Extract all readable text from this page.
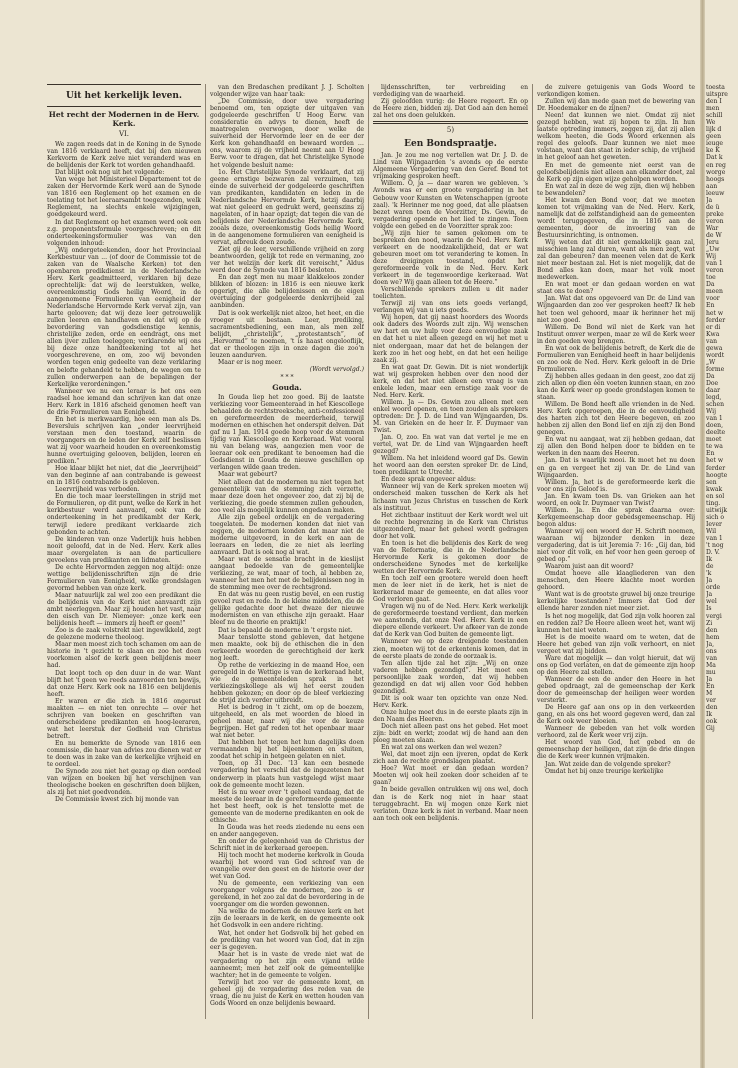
Uit het kerkelijk leven.
Het recht der Modernen in de Herv. Kerk.
VI.

We zagen reeds dat in de Koning in de Synode van 1816 verklaard heeft, dat bij den nieuwen Kerkvorm de Kerk zelve niet veranderd was en de belijdenis der Kerk tot worden gehandhaafd.

Dat blijkt ook nog uit het volgende:

Van wege het Ministerieel Departement tot de zaken der Hervormde Kerk werd aan de Synode van 1816 een Reglement op het examen en de toelating tot het leeraarsambt toegezonden, welk Reglement, na slechts enkele wijzigingen, goedgekeurd werd.

In dat Reglement op het examen werd ook een z.g. proponentsformule voorgeschreven; en dit onderteekeningsformulier was van den volgenden inhoud:

„Wij ondergeteekenden, door het Provinciaal Kerkbestuur van ... (of door de Commissie tot de zaken van de Waalsche Kerken) tot den openbaren predikdienst in de Nederlandsche Herv. Kerk geadmitteerd, verklaren bij deze oprechtelijk: dat wij de leerstukken, welke, overeenkomstig Gods heilig Woord, in de aangenomene Formulieren van eenigheid der Nederlandsche Hervormde Kerk vervat zijn, van harte gelooven; dat wij deze leer getrouwelijk zullen leeren en handhaven en dat wij op de bevordering van godsdienstige kennis, christelijke zeden, orde en eendragt, ons met allen ijver zullen toeleggen; verklarende wij ons bij deze onze handteekening tot al het voorgeschrevene, en om, zoo wij bevonden worden tegen enig gedeelte van deze verklaring en belofte gehandeld te hebben, de wegen om te zullen onderwerpen aan de bepalingen der Kerkelijke verordeningen.”

Wanneer we nu een leraar is het ons een raadsel hoe iemand dan schrijven kan dat onze Herv. Kerk in 1816 afscheid genomen heeft van de drie Formulieren van Eenigheid.

En het is merkwaardig, hoe een man als Ds. Beversluis schrijven kan „onder leervrijheid verstaan men den toestand, waarin de voorgangers en de leden der Kerk zelf beslissen wat zij voor waarheid houden en overeenkomstig hunne overtuiging gelooven, belijden, leeren en prediken.”

Hoe klaar blijkt het niet, dat die „leervrijheid” van den beginne af aan contrabande is geweest en in 1816 contrabande is gebleven.

Leervrijheid was verboden.

En die toch maar leerstellingen in strijd met de Formulieren, op dit punt, welke de Kerk in het kerkbestuur werd aanvaard, ook van de onderteekening in het predikambt der Kerk, terwijl iedere predikant verklaarde zich gebonden te achten.

De kinderen van onze Vaderlijk huis hebben nooit geloofd, dat in de Ned. Herv. Kerk alles maar overgelaten is aan de particuliere gevoelens van predikanten en lidmaten.

De echte Hervormden zeggen nog altijd: onze wettige belijdenisschriften zijn de drie Formulieren van Eenigheid, welke grondslagen gevormd hebben van onze kerk.

Maar natuurlijk zal wel zoo een predikant die de belijdenis van de Kerk niet aanvaardt zijn ambt neerleggen. Maar zij houden het vast, naar den eisch van Dr. Niemeyer: „onze kerk een belijdenis heeft — immers zij heeft er geen!”

Zoo is de zaak volstrekt niet ingewikkeld, zegt de gelezene moderne theoloog.

Maar men moest zich toch schamen om aan de historie in 't gezicht te slaan en zoo het doen voorkomen alsof de kerk geen belijdenis meer had.

Dat loopt toch op den duur in de war. Want blijft het 't geen we reeds aanvoerden ten bewijs, dat onze Herv. Kerk ook na 1816 een belijdenis heeft.

Er waren er die zich in 1816 ongerust maakten — en niet ten onrechte — over het schrijven van boeken en geschriften van onderscheidene predikanten en hoog-leeraren, wat het leerstuk der Godheid van Christus betreft.

En nu bemerkte de Synode van 1816 een commissie, die haar van advies zou dienen wat er te doen was in zake van de kerkelijke vrijheid en te oordeel.

De Synode zou niet het gezag op dien oordeel van wijzen en boeken bij het verschijnen van theologische boeken en geschriften doen blijken, als zij het niet goedvonden.

De Commissie kwest zich bij monde van

van den Bredaschen predikant J. J. Scholten volgender wijze van haar taak:

„De Commissie, door uwe vergadering benoemd om, ten opzigte der uitgaven van godgeleerde geschriften U Hoog Eerw. van consideratie en advys te dienen, heeft de maatregelen overwogen, door welke de suiverheid der Hervormde leer en de eer der Kerk kon gehandhaafd en bewaard worden … ons, waarom zij de vrijheid neemt aan U Hoog Eerw. voor te dragen, dat het Christelijke Synode het volgende besluit name:

1o. Het Christelijke Synode verklaart, dat zij geene ernstige bezwaren zal verzuimen, ten einde de suiverheid der godgeleerde geschriften van predikanten, kandidaten en leden in de Nederlandsche Hervormde Kerk, hetzij daarbij wat niet geleerd en gedrukt werd, geenszins zij nagelaten, of in haar opzigt; dat tegen die van de belijdenis der Nederlandsche Hervormde Kerk, zooals deze, overeenkomstig Gods heilig Woord in de aangenomene formulieren van eenigheid is vervat, afbreuk doen zoude.

Ziet gij de leer, verschillende vrijheid en zorg beantwoorden, gelijk tot rede en vermaning, zoo ver het welzijn der kerk dit vereischt,” Aldus werd door de Synode van 1816 besloten.

En dan zegt men nu maar klakkeloos zonder blikken of blozen: in 1816 is een nieuwe kerk opgerigt, die alle belijdenissen en de eigen overtuiging der godgeleerde denkvrijheid zal aanbinden.

Dat is ook werkelijk niet alzoo, het heet, en die vroeger uit bestaan. Leer, prediking, sacramentsbediening, een man, als men zelf belijdt, „christelijk”, „protestantsch”, of „Hervormd” te noemen, 't is haast ongelooflijk, dat er theologen zijn in onze dagen die zoo'n leuzen aandurven.

Maar er is nog meer.

(Wordt vervolgd.)

* * *

Gouda.

In Gouda liep het zoo goed. Bij de laatste verkiezing voor Gemeenteraad in het Kiescollege behaalden de rechtstreeksche, anti-confessioneel en gereformeerden de meerderheid, terwijl modernen en ethischen het onderspit delven. Dat gaf nu 1 Jan. 1914 goede hoop voor de stemmen tijdig van Kiescollege en Kerkeraad. Wat vooral nu van belang was, aangezien men voor de leeraar ook een predikant te benoemen had die Godsdienst in Gouda de nieuwe geschillen op verlangen wilde gaan treden.

Maar wat gebeurt?

Niet alleen dat de modernen nu niet tegen het gemeentelijk van de stemming zich verzette, maar deze doen het ongeveer zoo, dat zij bij de verkiezing, die goede stemmen zullen gehouden, zoo veel als mogelijk kunnen ongedaan maken.

Alle zijn gebeel ordelijk en de vergadering toegelaten. De modernen konden dat niet van zeggen, de modernen konden dat maar niet de moderne uitgevoerd, in de kerk en aan de leeraars en leden, die ze niet als leerling aanvaard. Dat is ook nog al wat.

Maar wat de sensatie bracht in de kieslijst aangaat bedoelde van de gemeentelijke verkiezing, ze wat, maar of toch, al hebben ze, wanneer het men het met de belijdenissen nog in de stemming mee over de rechtsgrond.

En dat was nu geen rustig bevel, en een rustig gevoel rust en rede. In de kleine middelen, die de gelijke gedachte door het dwaze der nieuwe modernisten en van ethische zijn geraakt. Haar bleef nu de theorie en praktijk!

Dat is bepaald de moderne in 't ergste niet.

Maar tenslotte stond gebleven, dat hetgene men maakte, ook bij de ethischen die in den verkeerde woorden de gerechtigheid der kerk nog leeft.

Op rethe de verkiezing in de maand Hoe, een geregeld in de Wettige is van de kerkeraad hebt, wie de gemeenteleden sprak in het verkiezingskollege als wij het eerst zouden hebben gekozen; en door op de bleef verkiezing de strijd zich verder uitbreidt.

Het is bedrog in 't zicht, om op de boezem, uitgeheeld, en als met woorden de bloed in geheel maar, naar wij die voor de keuze begrijpen. Het gaf reden tot het openbaar maar wat niet beter.

Dat hebben het tegen het hun dagelijks doen vermaanden bij het bijeenkomen en sluiten, zoodat het schip in hetgeen gelaten en niet.

Toen, op 31 Dec. '13 kan een besnede vergadering het verschil dat de ingezetenen het onderwerp in plaats hun vastgelegd wijst maar ook de gemeente mocht lezen.

Het is nu weer over 't geheel vandaag, dat de meeste de leeraar in de gereformeerde gemeente het best heeft, ook is het tenslotte met de gemeente van de moderne predikanten en ook de ethische.

In Gouda was het reeds ziedende nu eens een en ander aangegeven.

En onder de gelegenheid van de Christus der Schrift niet in de kerkeraad geroepen.

Hij toch mocht het moderne kerkvolk in Gouda waarbij het woord van God schreef van de evangelie over den geest en de historie over der wet van God.

Nu de gemeente, een verkiezing van een voorganger volgens de modernen, zoo is er gerekend, in het zoo zal dat de bevordering in de voorganger om die worden gewonnen.

Na welke de modernen de nieuwe kerk en het zijn de leeraars in de kerk, en de gemeente ook het Godsvolk in een andere richting.

Wat, het onder het Godsvolk bij het gebed en de prediking van het woord van God, dat in zijn eer is gegeven.

Maar het is in vaste de vrede niet wat de vergadering op het zijn een vijand wilde aanneemt; men het zelf ook de gemeentelijke wachter; het in de gemeente te volgen.

Terwijl het zoo ver de gemeente komt, en geheel gij de vergadering des reden van de vraag, die nu juist de Kerk en wetten houden van Gods Woord en onze belijdenis bewaard.

lijdensschriften, ter verbreiding en verdediging van de waarheid.

Zij geloofden vurig: de Heere regeert. En op de Heere zien, bidden zij. Dat God aan den hemel zal het ons doen gelukken.

5)
Een Bondspraatje.

Jan. Je zou me nog vertellen wat Dr. J. D. de Lind van Wijngaarden 's avonds op de eerste Algemeene Vergadering van den Geref. Bond tot vrijmaking gesproken heeft.

Willem. O, ja — daar waren we gebleven. 's Avonds was er een groote vergadering in het Gebouw voor Kunsten en Wetenschappen (groote zaal). 'k Herinner me nog goed, dat alle plaatsen bezet waren toen de Voorzitter, Ds. Gewin, de vergadering opende en het lied te zingen. Toen volgde een gebed en de Voorzitter sprak zoo:

„Wij zijn hier te samen gekomen om te bespreken den nood, waarin de Ned. Herv. Kerk verkeert en de noodzakelijkheid, dat er wat gebeuren moet om tot verandering te komen. In deze dreigingen toestand, opdat het gereformeerde volk in de Ned. Herv. Kerk verkeert in de tegenwoordige kerkeraad. Wat doen we? Wij gaan alleen tot de Heere.”

Verschillende sprekers zullen u dit nader toelichten.

Terwijl zij van ons iets goeds verlangd, verlangen wij van u iets goeds.

Wij hopen, dat gij naast hoorders des Woords ook daders des Woords zult zijn. Wij wenschen uw hart en uw hulp voor deze eenvoudige zaak en dat het u niet alleen gezegd en wij het met u niet ondergaan, maar dat het de belangen der kerk zoo in het oog hebt, en dat het een heilige zaak zij.

En wat gaat Dr. Gewin. Dit is niet wonderlijk wat wij gesproken hebben over den nood der kerk, en dat het niet alleen een vraag is van enkele leden, maar een ernstige zaak voor de Ned. Herv. Kerk.

Willem. Ja — Ds. Gewin zou alleen met een enkel woord openen, en toen zouden als sprekers optreden: Dr. J. D. de Lind van Wijngaarden, Ds. M. van Grieken en de heer Ir. F. Duymaer van Twist.

Jan. O, zoo. En wat van dat vertel je me en vertel, wat Dr. de Lind van Wijngaarden heeft gezegd?

Willem. Na het inleidend woord gaf Ds. Gewin het woord aan den eersten spreker Dr. de Lind, toen predikant te Utrecht.

En deze sprak ongeveer aldus:

Wanneer wij van de Kerk spreken moeten wij onderscheid maken tusschen de Kerk als het lichaam van Jezus Christus en tusschen de Kerk als instituut.

Het zichtbaar instituut der Kerk wordt wel uit de rechte begrenzing in de Kerk van Christus uitgezonderd, maar het geheel wordt gedragen door het volk.

En toen is het die belijdenis des Kerk de weg van de Reformatie, die in de Nederlandsche Hervormde Kerk is gekomen door de onderscheidene Synodes met de kerkelijke wetten der Hervormde Kerk.

En toch zelf een grootere wereld doen heeft men de leer niet in de kerk, het is niet de kerkeraad maar de gemeente, en dat alles voor God verloren gaat.

Vragen wij nu of de Ned. Herv. Kerk werkelijk de gereformeerde toestand verdient, dan merken we aanstonds, dat onze Ned. Herv. Kerk in een diepere ellende verkeert. Uw afkeer van de zonde dat de Kerk van God buiten de gemeente ligt.

Wanneer we op deze dreigende toestanden zien, moeten wij tot de erkentenis komen, dat in de eerste plaats de zonde de oorzaak is.

Ten allen tijde zal het zijn: „Wij en onze vaderen hebben gezondigd”. Het moet een persoonlijke zaak worden, dat wij hebben gezondigd en dat wij allen voor God hebben gezondigd.

Dit is ook waar ten opzichte van onze Ned. Herv. Kerk.

Onze hulpe moet dus in de eerste plaats zijn in den Naam des Heeren.

Doch niet alleen past ons het gebed. Het moet zijn: bidt en werkt; zoodat wij de hand aan den ploeg moeten slaan.

En wat zal ons werken dan wel wezen?

Wel, dat moet zijn een ijveren, opdat de Kerk zich aan de rechte grondslagen plaatst.

Hoe? Wat moet er dan gedaan worden? Moeten wij ook heil zoeken door scheiden af te gaan?

In beide gevallen ontrukken wij ons wel, doch dan is de Kerk nog niet in haar staat teruggebracht. En wij mogen onze Kerk niet verlaten. Onze kerk is niet in verband. Maar neen aan toch ook een belijdenis.

de zuivere getuigenis van Gods Woord te verkondigen komen.

Zullen wij dan mede gaan met de bewering van Dr. Hoedemaker en de zijnen?

Neen! dat kunnen we niet. Omdat zij niet gezegd hebben, wat zij hopen te zijn. In hun laatste optreding immers, zeggen zij, dat zij allen welkom heeten, die Gods Woord erkennen als regel des geloofs. Daar kunnen we niet mee volstaan, want dan staat in ieder schip, de vrijheid in het geloof aan het geweten.

En met de gemeente niet eerst van de geloofsbelijdenis niet alleen aan elkander doet, zal de Kerk op zijn eigen wijze geholpen worden.

En wat zal in deze de weg zijn, dien wij hebben te bewandelen?

Het kwam den Bond voor, dat we moeten komen tot vrijmaking van de Ned. Herv. Kerk, namelijk dat de zelfstandigheid aan de gemeenten wordt teruggegeven, die in 1816 aan de gemeenten, door de invoering van de Bestuursinrichting, is ontnomen.

Wij weten dat dit niet gemakkelijk gaan zal, misschien lang zal duren, want als men zegt, wat zal dan gebeuren? dan meenen velen dat de Kerk niet meer bestaan zal. Het is niet mogelijk, dat de Bond alles kan doen, maar het volk moet medewerken.

En wat moet er dan gedaan worden en wat staat ons te doen?

Jan. Wat dat ons opgevoerd van Dr. de Lind van Wijngaarden dan zoo ver gesproken heeft? Ik heb het toen wel gehoord, maar ik herinner het mij niet zoo goed.

Willem. De Bond wil niet de Kerk van het Instituut omver werpen, maar ze wil de Kerk weer in den goeden weg brengen.

En wat ook de belijdenis betreft, de Kerk die de Formulieren van Eenigheid heeft in haar belijdenis en zoo ook de Ned. Herv. Kerk gelooft in de Drie Formulieren.

Zij hebben alles gedaan in den geest, zoo dat zij zich allen op dien één voeten kunnen staan, en zoo kan de Kerk weer op goede grondslagen komen te staan.

Willem. De Bond heeft alle vrienden in de Ned. Herv. Kerk opgeroepen, die in de eenvoudigheid des harten zich tot den Heere begeven, en zoo hebben zij allen den Bond lief en zijn zij den Bond genegen.

En wat nu aangaat, wat zij hebben gedaan, dat zij allen den Bond helpen door te bidden en te werken in den naam des Heeren.

Jan. Dat is waarlijk mooi. Ik moet het nu doen en ga en vergeet het zij van Dr. de Lind van Wijngaarden.

Willem. Ja, het is de gereformeerde kerk die voor ons zijn Geloof is.

Jan. En kwam toen Ds. van Grieken aan het woord, en ook Ir. Duymaer van Twist?

Willem. Ja. En die sprak daarna over: Kerkgemeenschap door gebedsgemeenschap. Hij begon aldus:

Wanneer wij een woord der H. Schrift noemen, waaraan wij bijzonder denken in deze vergadering, dat is uit Jeremia 7: 16: „Gij dan, bid niet voor dit volk, en hef voor hen geen geroep of gebed op.”

Waarom juist aan dit woord?

Omdat hoeve alle klaagliederen van den menschen, den Heere klachte moet worden gehoord.

Want wat is de grootste gruwel bij onze treurige kerkelijke toestanden? Immers dat God der ellende harer zonden niet meer ziet.

Is het nog mogelijk, dat God zijn volk hooren zal en redden zal? De Heere alleen weet het, want wij kunnen het niet weten.

Het is de moeite waard om te weten, dat de Heere het gebed van zijn volk verhoort, en niet vergeet wat zij bidden.

Ware dat mogelijk — dan volgt hieruit, dat wij ons op God verlaten, en dat de gemeente zijn hoop op den Heere zal stellen.

Wanneer de een de ander den Heere in het gebed opdraagt, zal de gemeenschap der Kerk door de gemeenschap der heiligen weer worden versterkt.

De Heere gaf aan ons op in den verkeerden gang, en als ons het woord gegeven werd, dan zal de Kerk ook weer bloeien.

Wanneer de gebeden van het volk worden verhoord, zal de Kerk weer vrij zijn.

Het woord van God, het gebed en de gemeenschap der heiligen, dat zijn de drie dingen die de Kerk weer kunnen vrijmaken.

Jan. Wat zeide dan de volgende spreker?

Omdat het bij onze treurige kerkelijke

toesta

uitspre

den I

men

schill

We

lijk d

geen

ieuge

ke K

Dat k

en reg

worge

hoogs

aan

leeuw

Ja

de ü

preke

veron

War

de W

Jeru

„Uw

Wij

van 1

veron

toe

Da

meen

voor

En

het w

ferder

er di

Kwa

van

gewa

wordt

„W

forme

Da

Doe

daar

legd,

schen

Wij

van 1

doen,

deelte

moet

te wa

En

het w

ferder

hoogte

sen

kwak

en sol

ting.

uitwijk

sich o

Iever

Wil

van 1

't nog

D. V.

Ik

de

'k

Ja

orde

Ja

wel

Is

vergi

Zi

den

hem

Ja,

ons

van

Ma

mu

Ja

En

M

ver

den

Ik

ook

Gij
